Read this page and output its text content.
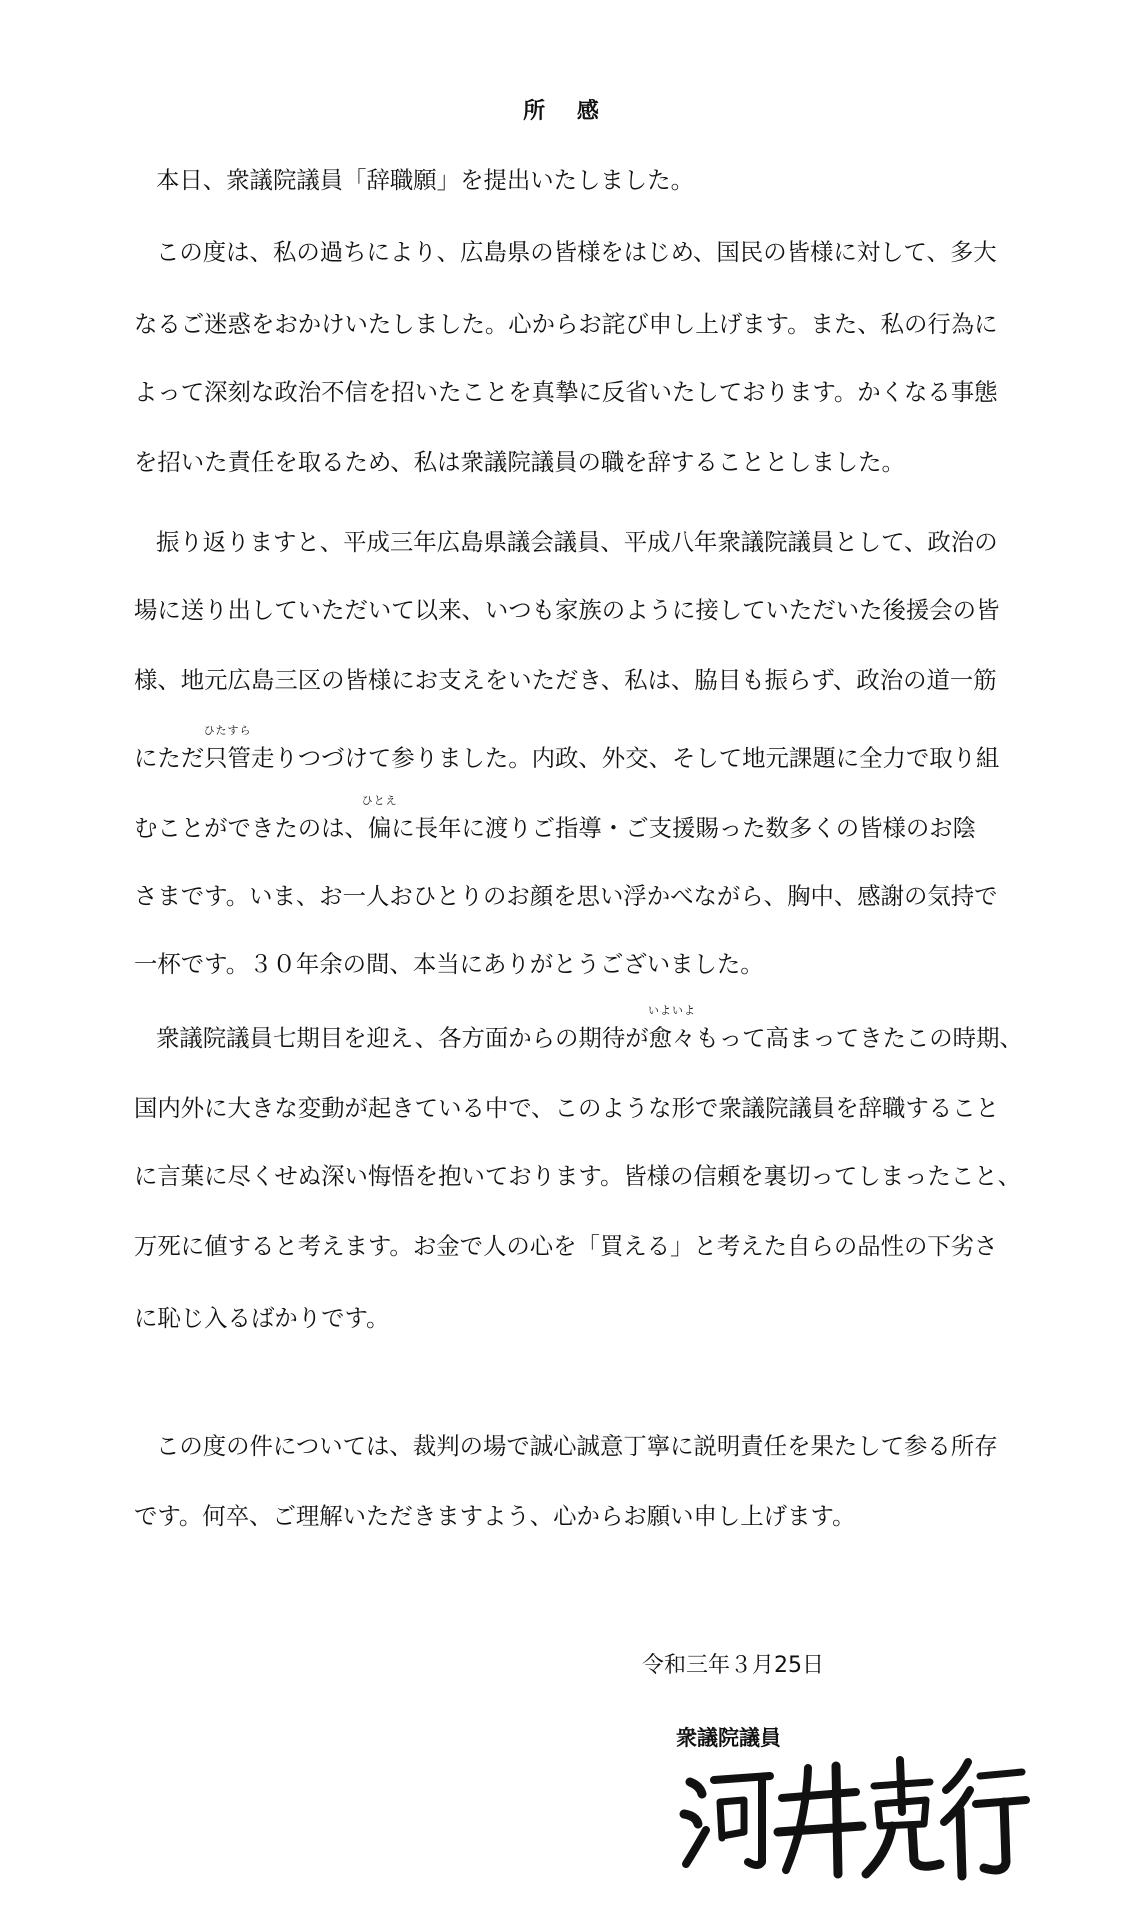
所 感
本日、衆議院議員「辞職願」を提出いたしました。
この度は、私の過ちにより、広島県の皆様をはじめ、国民の皆様に対して、多大
なるご迷惑をおかけいたしました。心からお詫び申し上げます。また、私の行為に
よって深刻な政治不信を招いたことを真摯に反省いたしております。かくなる事態
を招いた責任を取るため、私は衆議院議員の職を辞することとしました。
振り返りますと、平成三年広島県議会議員、平成八年衆議院議員として、政治の
場に送り出していただいて以来、いつも家族のように接していただいた後援会の皆
様、地元広島三区の皆様にお支えをいただき、私は、脇目も振らず、政治の道一筋
にただ
ひたすら
只管走りつづけて参りました。内政、外交、そして地元課題に全力で取り組
むことができたのは、
ひとえ
偏に長年に渡りご指導・ご支援賜った数多くの皆様のお陰
さまです。いま、お一人おひとりのお顔を思い浮かべながら、胸中、感謝の気持で
一杯です。３０年余の間、本当にありがとうございました。
衆議院議員七期目を迎え、各方面からの期待が
いよいよ
愈々もって高まってきたこの時期、
国内外に大きな変動が起きている中で、このような形で衆議院議員を辞職すること
に言葉に尽くせぬ深い悔悟を抱いております。皆様の信頼を裏切ってしまったこと、
万死に値すると考えます。お金で人の心を「買える」と考えた自らの品性の下劣さ
に恥じ入るばかりです。
この度の件については、裁判の場で誠心誠意丁寧に説明責任を果たして参る所存
です。何卒、ご理解いただきますよう、心からお願い申し上げます。
令和三年３月25日
衆議院議員
